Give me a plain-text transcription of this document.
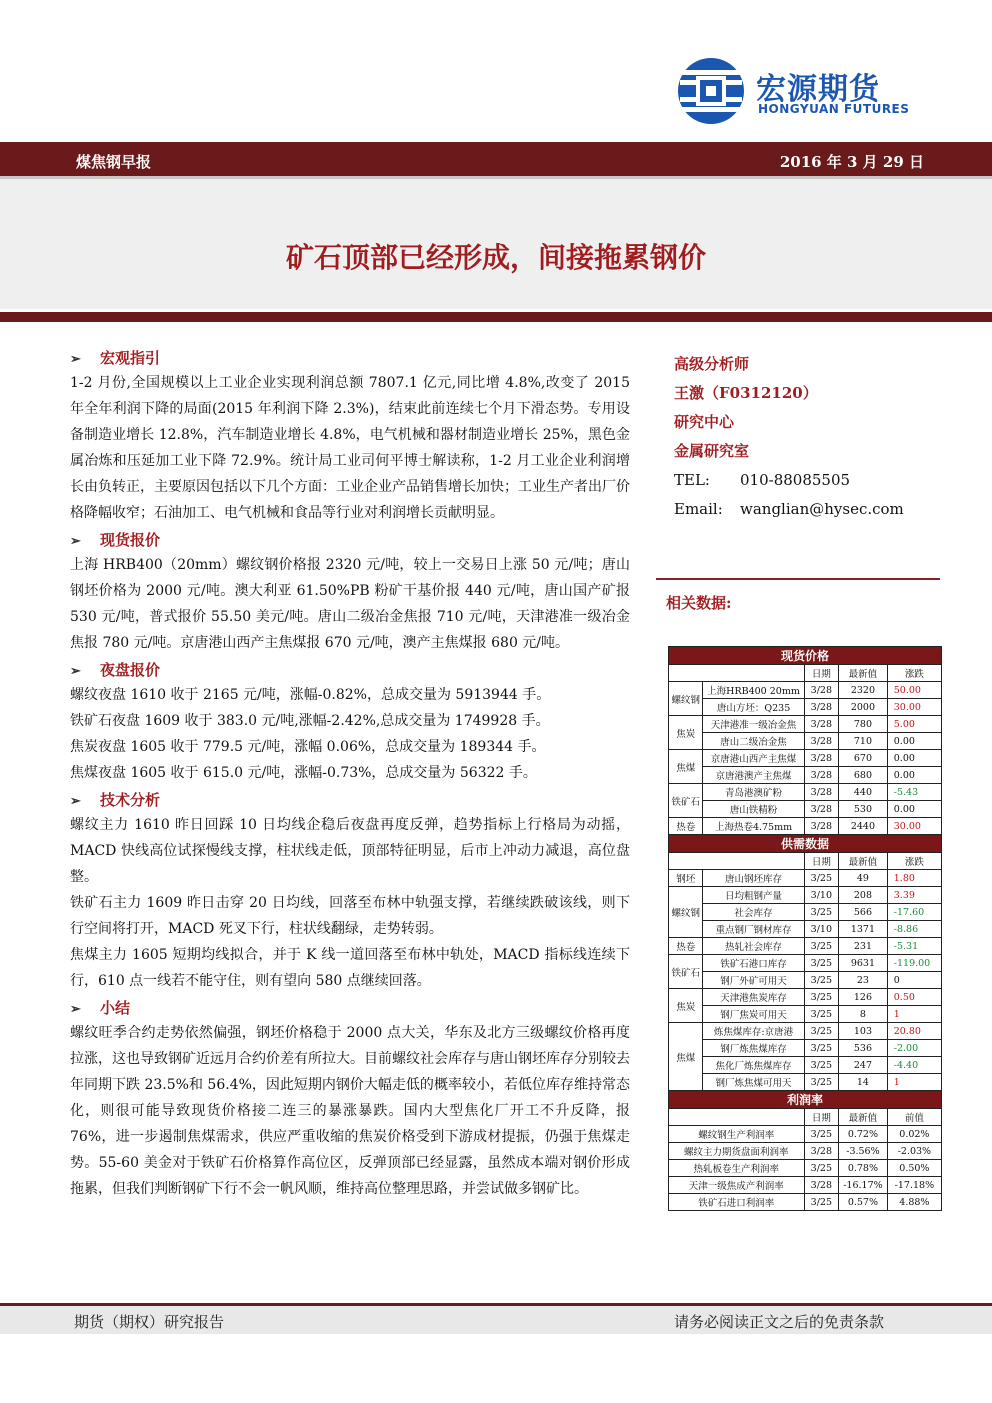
宏源期货
HONGYUAN FUTURES
煤焦钢早报	2016 年 3 月 29 日
矿石顶部已经形成，间接拖累钢价
➢ 宏观指引

1-2 月份,全国规模以上工业企业实现利润总额 7807.1 亿元,同比增 4.8%,改变了 2015 年全年利润下降的局面(2015 年利润下降 2.3%)，结束此前连续七个月下滑态势。专用设备制造业增长 12.8%，汽车制造业增长 4.8%，电气机械和器材制造业增长 25%，黑色金属冶炼和压延加工业下降 72.9%。统计局工业司何平博士解读称，1-2 月工业企业利润增长由负转正，主要原因包括以下几个方面：工业企业产品销售增长加快；工业生产者出厂价格降幅收窄；石油加工、电气机械和食品等行业对利润增长贡献明显。

➢ 现货报价

上海 HRB400（20mm）螺纹钢价格报 2320 元/吨，较上一交易日上涨 50 元/吨；唐山钢坯价格为 2000 元/吨。澳大利亚 61.50%PB 粉矿干基价报 440 元/吨，唐山国产矿报 530 元/吨，普式报价 55.50 美元/吨。唐山二级冶金焦报 710 元/吨，天津港准一级冶金焦报 780 元/吨。京唐港山西产主焦煤报 670 元/吨，澳产主焦煤报 680 元/吨。

➢ 夜盘报价

螺纹夜盘 1610 收于 2165 元/吨，涨幅-0.82%，总成交量为 5913944 手。

铁矿石夜盘 1609 收于 383.0 元/吨,涨幅-2.42%,总成交量为 1749928 手。

焦炭夜盘 1605 收于 779.5 元/吨，涨幅 0.06%，总成交量为 189344 手。

焦煤夜盘 1605 收于 615.0 元/吨，涨幅-0.73%，总成交量为 56322 手。

➢ 技术分析

螺纹主力 1610 昨日回踩 10 日均线企稳后夜盘再度反弹，趋势指标上行格局为动摇，MACD 快线高位试探慢线支撑，柱状线走低，顶部特征明显，后市上冲动力减退，高位盘整。

铁矿石主力 1609 昨日击穿 20 日均线，回落至布林中轨强支撑，若继续跌破该线，则下行空间将打开，MACD 死叉下行，柱状线翻绿，走势转弱。

焦煤主力 1605 短期均线拟合，并于 K 线一道回落至布林中轨处，MACD 指标线连续下行，610 点一线若不能守住，则有望向 580 点继续回落。

➢ 小结

螺纹旺季合约走势依然偏强，钢坯价格稳于 2000 点大关，华东及北方三级螺纹价格再度拉涨，这也导致钢矿近远月合约价差有所拉大。目前螺纹社会库存与唐山钢坯库存分别较去年同期下跌 23.5%和 56.4%，因此短期内钢价大幅走低的概率较小，若低位库存维持常态化，则很可能导致现货价格接二连三的暴涨暴跌。国内大型焦化厂开工不升反降，报 76%，进一步遏制焦煤需求，供应严重收缩的焦炭价格受到下游成材提振，仍强于焦煤走势。55-60 美金对于铁矿石价格算作高位区，反弹顶部已经显露，虽然成本端对钢价形成拖累，但我们判断钢矿下行不会一帆风顺，维持高位整理思路，并尝试做多钢矿比。

高级分析师
王激（F0312120）
研究中心
金属研究室
TEL: 010-88085505
Email: wanglian@hysec.com
相关数据:
现货价格				
		日期	最新值	涨跌
螺纹钢	上海HRB400 20mm	3/28	2320	50.00
	唐山方坯：Q235	3/28	2000	30.00
焦炭	天津港准一级冶金焦	3/28	780	5.00
	唐山二级冶金焦	3/28	710	0.00
焦煤	京唐港山西产主焦煤	3/28	670	0.00
	京唐港澳产主焦煤	3/28	680	0.00
铁矿石	青岛港澳矿粉	3/28	440	-5.43
	唐山铁精粉	3/28	530	0.00
热卷	上海热卷4.75mm	3/28	2440	30.00
供需数据				
		日期	最新值	涨跌
钢坯	唐山钢坯库存	3/25	49	1.80
螺纹钢	日均粗钢产量	3/10	208	3.39
	社会库存	3/25	566	-17.60
	重点钢厂钢材库存	3/10	1371	-8.86
热卷	热轧社会库存	3/25	231	-5.31
铁矿石	铁矿石港口库存	3/25	9631	-119.00
	钢厂外矿可用天	3/25	23	0
焦炭	天津港焦炭库存	3/25	126	0.50
	钢厂焦炭可用天	3/25	8	1
焦煤	炼焦煤库存:京唐港	3/25	103	20.80
	钢厂炼焦煤库存	3/25	536	-2.00
	焦化厂炼焦煤库存	3/25	247	-4.40
	钢厂炼焦煤可用天	3/25	14	1
利润率				
		日期	最新值	前值
螺纹钢生产利润率		3/25	0.72%	0.02%
螺纹主力期货盘面利润率		3/28	-3.56%	-2.03%
热轧板卷生产利润率		3/25	0.78%	0.50%
天津一级焦成产利润率		3/28	-16.17%	-17.18%
铁矿石进口利润率		3/25	0.57%	4.88%
期货（期权）研究报告	请务必阅读正文之后的免责条款
